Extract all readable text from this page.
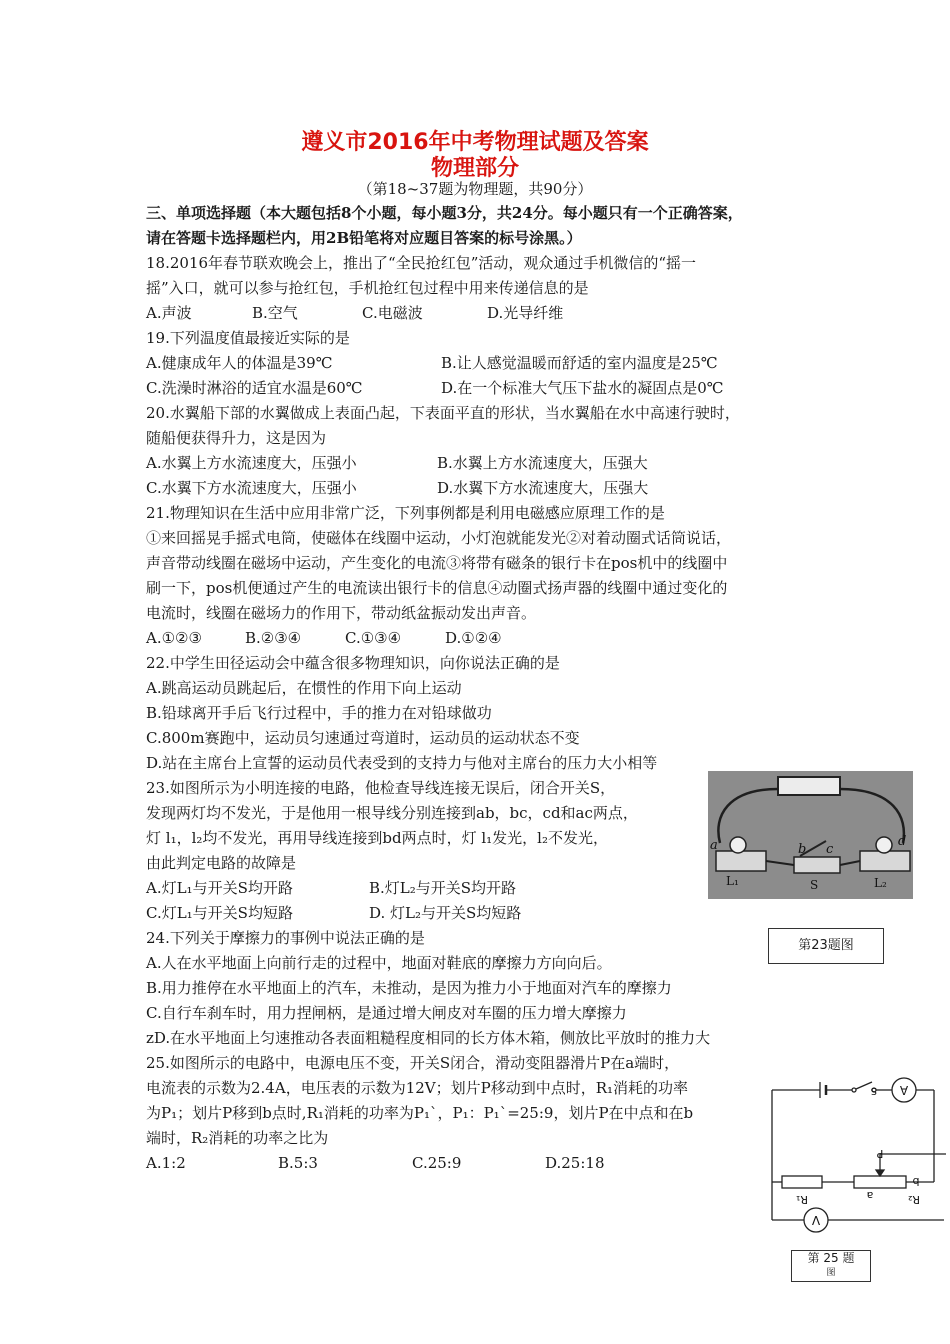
遵义市2016年中考物理试题及答案
物理部分
（第18~37题为物理题，共90分）
三、单项选择题（本大题包括8个小题，每小题3分，共24分。每小题只有一个正确答案，
请在答题卡选择题栏内，用2B铅笔将对应题目答案的标号涂黑。）
18.2016年春节联欢晚会上，推出了“全民抢红包”活动，观众通过手机微信的“摇一
摇”入口，就可以参与抢红包，手机抢红包过程中用来传递信息的是
A.声波	B.空气	C.电磁波	D.光导纤维
19.下列温度值最接近实际的是
A.健康成年人的体温是39℃	B.让人感觉温暖而舒适的室内温度是25℃
C.洗澡时淋浴的适宜水温是60℃	D.在一个标准大气压下盐水的凝固点是0℃
20.水翼船下部的水翼做成上表面凸起，下表面平直的形状，当水翼船在水中高速行驶时，
随船便获得升力，这是因为
A.水翼上方水流速度大，压强小	B.水翼上方水流速度大，压强大
C.水翼下方水流速度大，压强小	D.水翼下方水流速度大，压强大
21.物理知识在生活中应用非常广泛，下列事例都是利用电磁感应原理工作的是
①来回摇晃手摇式电筒，使磁体在线圈中运动，小灯泡就能发光②对着动圈式话筒说话，
声音带动线圈在磁场中运动，产生变化的电流③将带有磁条的银行卡在pos机中的线圈中
刷一下，pos机便通过产生的电流读出银行卡的信息④动圈式扬声器的线圈中通过变化的
电流时，线圈在磁场力的作用下，带动纸盆振动发出声音。
A.①②③	B.②③④	C.①③④	D.①②④
22.中学生田径运动会中蕴含很多物理知识，向你说法正确的是
A.跳高运动员跳起后，在惯性的作用下向上运动
B.铅球离开手后飞行过程中，手的推力在对铅球做功
C.800m赛跑中，运动员匀速通过弯道时，运动员的运动状态不变
D.站在主席台上宣誓的运动员代表受到的支持力与他对主席台的压力大小相等
23.如图所示为小明连接的电路，他检查导线连接无误后，闭合开关S，
发现两灯均不发光，于是他用一根导线分别连接到ab，bc，cd和ac两点，
灯 l₁，l₂均不发光，再用导线连接到bd两点时，灯 l₁发光，l₂不发光，
由此判定电路的故障是
A.灯L₁与开关S均开路	B.灯L₂与开关S均开路
C.灯L₁与开关S均短路	D. 灯L₂与开关S均短路
a	b c
d
L₁	S	L₂
第23题图
24.下列关于摩擦力的事例中说法正确的是
A.人在水平地面上向前行走的过程中，地面对鞋底的摩擦力方向向后。
B.用力推停在水平地面上的汽车，未推动，是因为推力小于地面对汽车的摩擦力
C.自行车刹车时，用力捏闸柄，是通过增大闸皮对车圈的压力增大摩擦力
zD.在水平地面上匀速推动各表面粗糙程度相同的长方体木箱，侧放比平放时的推力大
25.如图所示的电路中，电源电压不变，开关S闭合，滑动变阻器滑片P在a端时，
电流表的示数为2.4A，电压表的示数为12V；划片P移动到中点时，R₁消耗的功率
为P₁；划片P移到b点时,R₁消耗的功率为P₁`，P₁：P₁`=25:9，划片P在中点和在b
端时，R₂消耗的功率之比为
A.1:2	B.5:3	C.25:9	D.25:18
S A
V
R₁	R₂
P
a
b
第 25 题
图
